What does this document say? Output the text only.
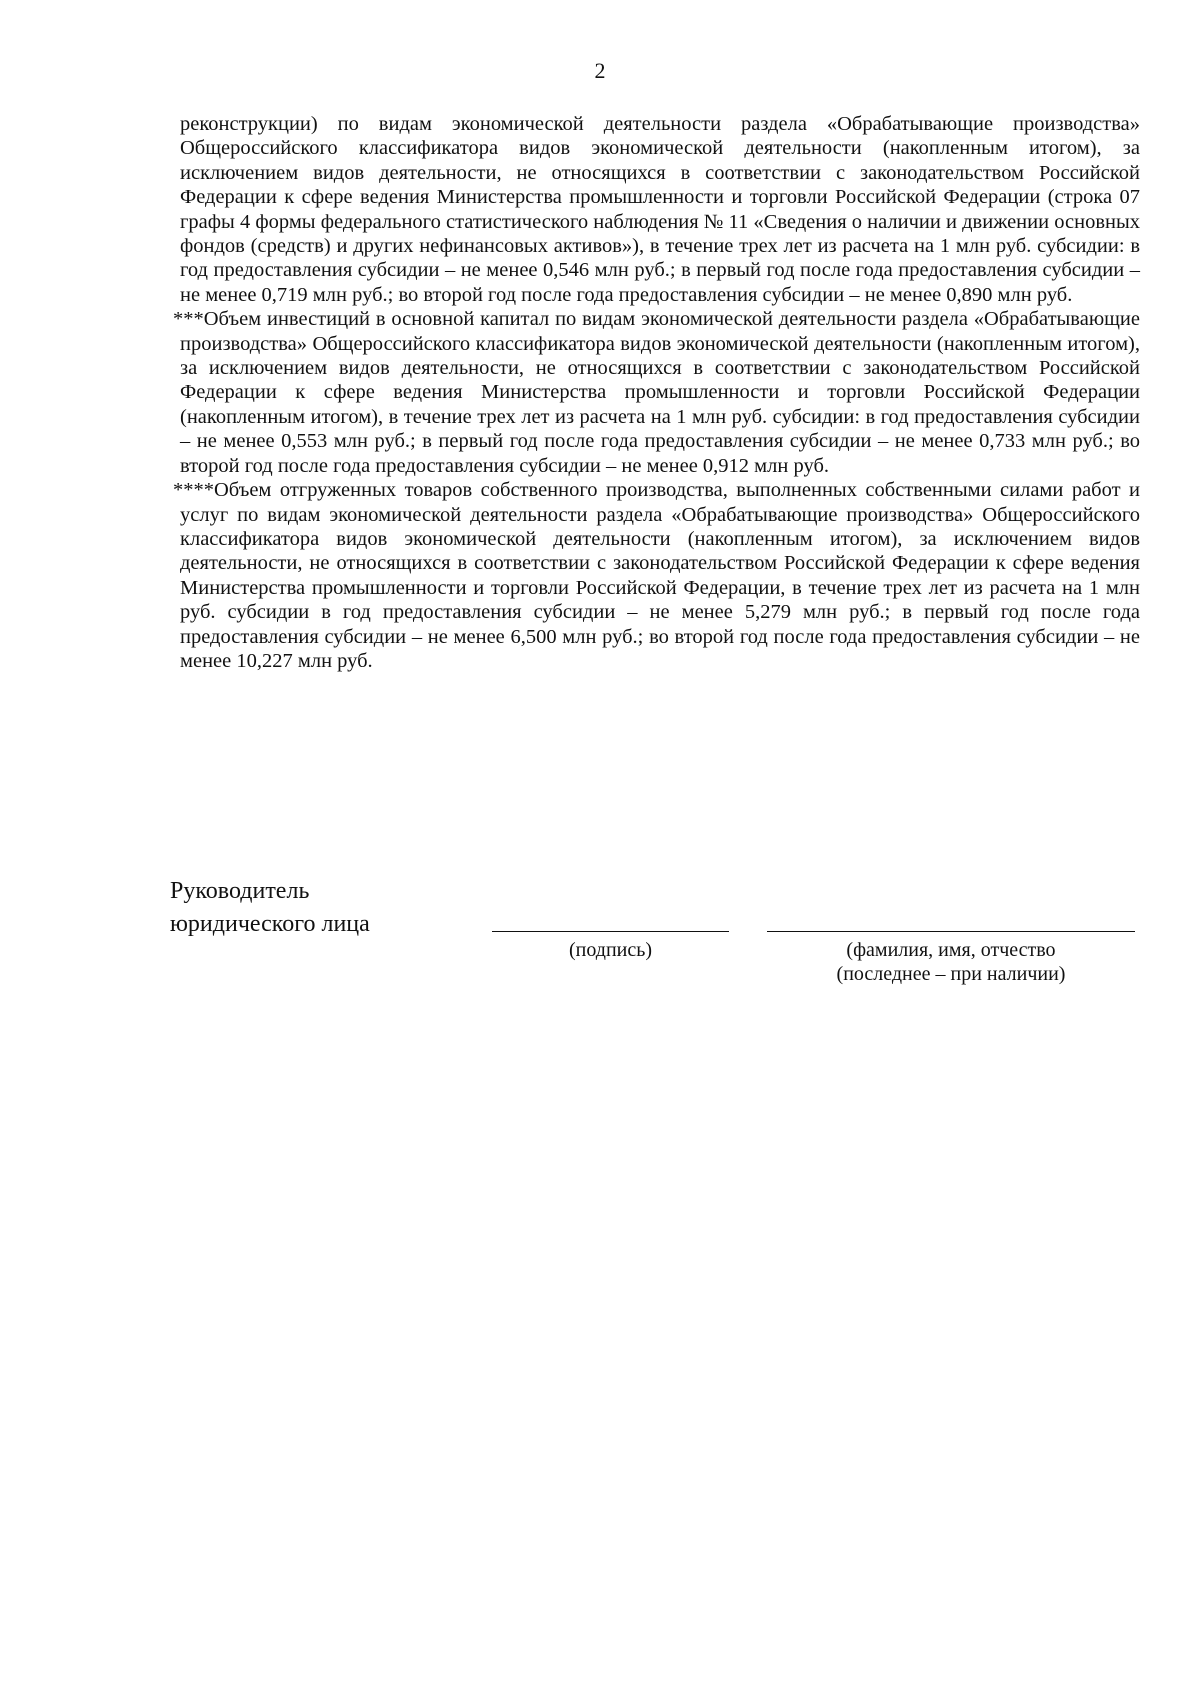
2

реконструкции) по видам экономической деятельности раздела «Обрабатывающие производства» Общероссийского классификатора видов экономической деятельности (накопленным итогом), за исключением видов деятельности, не относящихся в соответствии с законодательством Российской Федерации к сфере ведения Министерства промышленности и торговли Российской Федерации (строка 07 графы 4 формы федерального статистического наблюдения № 11 «Сведения о наличии и движении основных фондов (средств) и других нефинансовых активов»), в течение трех лет из расчета на 1 млн руб. субсидии: в год предоставления субсидии – не менее 0,546 млн руб.; в первый год после года предоставления субсидии – не менее 0,719 млн руб.; во второй год после года предоставления субсидии – не менее 0,890 млн руб.

***Объем инвестиций в основной капитал по видам экономической деятельности раздела «Обрабатывающие производства» Общероссийского классификатора видов экономической деятельности (накопленным итогом), за исключением видов деятельности, не относящихся в соответствии с законодательством Российской Федерации к сфере ведения Министерства промышленности и торговли Российской Федерации (накопленным итогом), в течение трех лет из расчета на 1 млн руб. субсидии: в год предоставления субсидии – не менее 0,553 млн руб.; в первый год после года предоставления субсидии – не менее 0,733 млн руб.; во второй год после года предоставления субсидии – не менее 0,912 млн руб.

****Объем отгруженных товаров собственного производства, выполненных собственными силами работ и услуг по видам экономической деятельности раздела «Обрабатывающие производства» Общероссийского классификатора видов экономической деятельности (накопленным итогом), за исключением видов деятельности, не относящихся в соответствии с законодательством Российской Федерации к сфере ведения Министерства промышленности и торговли Российской Федерации, в течение трех лет из расчета на 1 млн руб. субсидии в год предоставления субсидии – не менее 5,279 млн руб.; в первый год после года предоставления субсидии – не менее 6,500 млн руб.; во второй год после года предоставления субсидии – не менее 10,227 млн руб.

Руководитель
юридического лица
(подпись)	(фамилия, имя, отчество
(последнее – при наличии)
